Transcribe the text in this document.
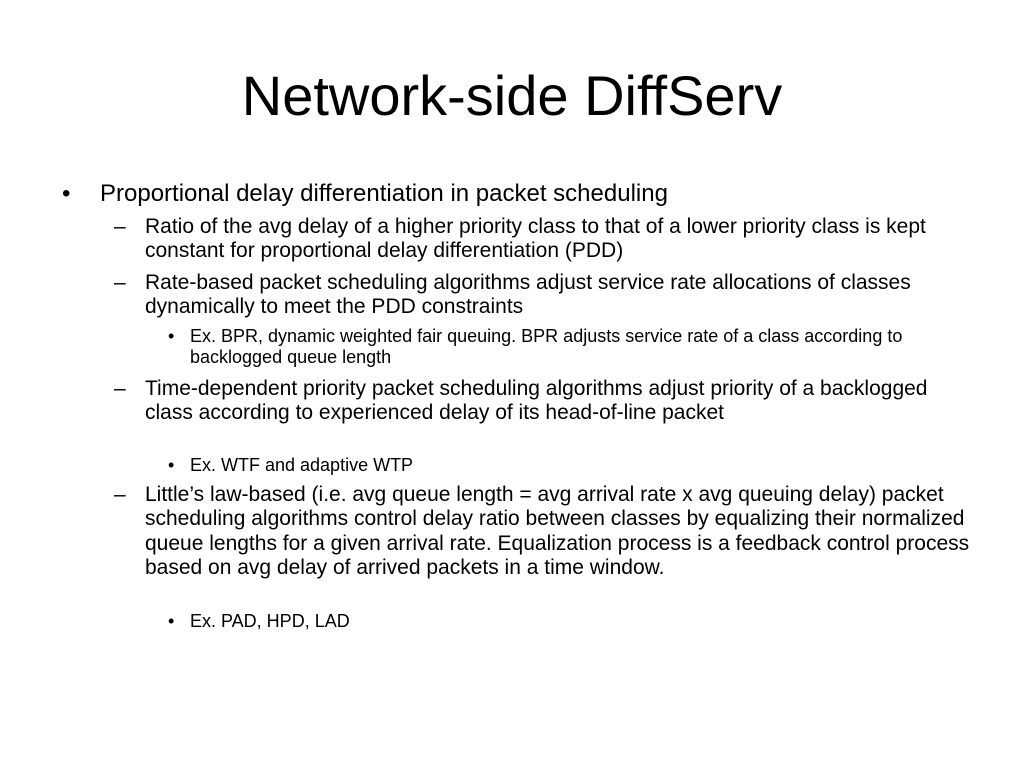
Network-side DiffServ
• Proportional delay differentiation in packet scheduling
– Ratio of the avg delay of a higher priority class to that of a lower priority class is kept constant for proportional delay differentiation (PDD)
– Rate-based packet scheduling algorithms adjust service rate allocations of classes dynamically to meet the PDD constraints
• Ex. BPR, dynamic weighted fair queuing. BPR adjusts service rate of a class according to backlogged queue length
– Time-dependent priority packet scheduling algorithms adjust priority of a backlogged class according to experienced delay of its head-of-line packet
• Ex. WTF and adaptive WTP
– Little’s law-based (i.e. avg queue length = avg arrival rate x avg queuing delay) packet scheduling algorithms control delay ratio between classes by equalizing their normalized queue lengths for a given arrival rate. Equalization process is a feedback control process based on avg delay of arrived packets in a time window.
• Ex. PAD, HPD, LAD
